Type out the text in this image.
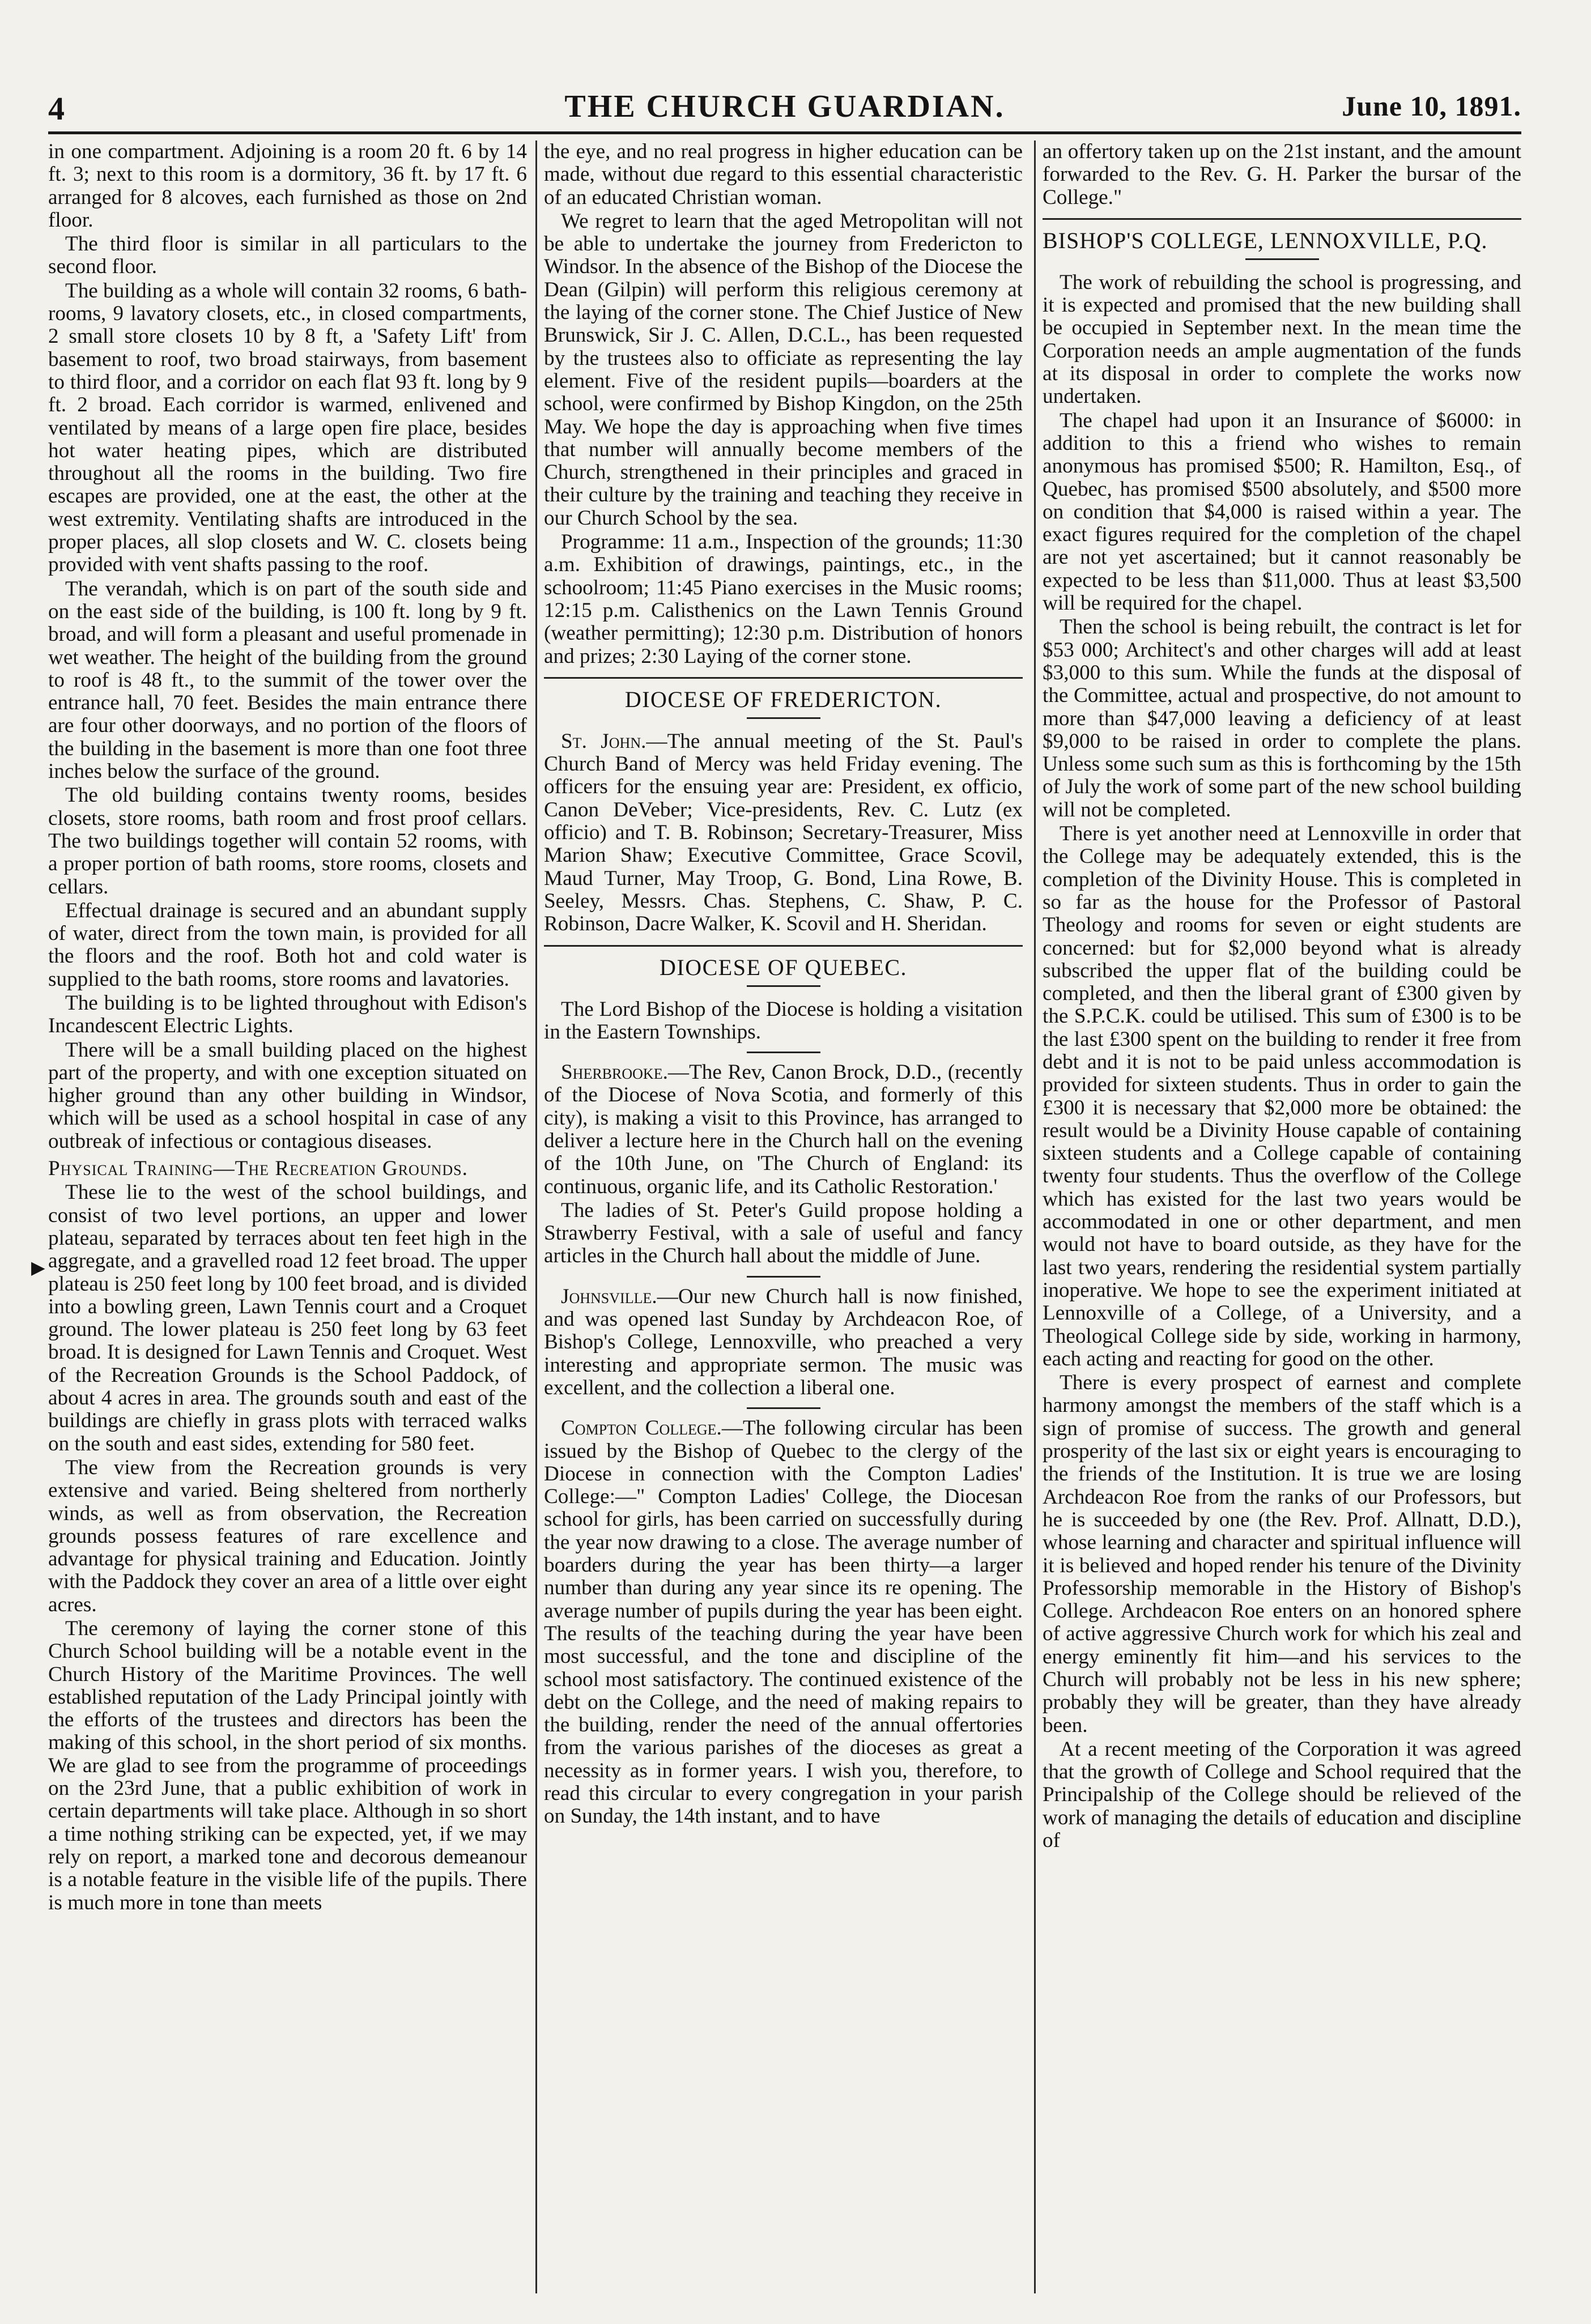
4	THE CHURCH GUARDIAN.	June 10, 1891.
▶

in one compartment. Adjoining is a room 20 ft. 6 by 14 ft. 3; next to this room is a dormitory, 36 ft. by 17 ft. 6 arranged for 8 alcoves, each furnished as those on 2nd floor.

The third floor is similar in all particulars to the second floor.

The building as a whole will contain 32 rooms, 6 bath-rooms, 9 lavatory closets, etc., in closed compartments, 2 small store closets 10 by 8 ft, a 'Safety Lift' from basement to roof, two broad stairways, from basement to third floor, and a corridor on each flat 93 ft. long by 9 ft. 2 broad. Each corridor is warmed, enlivened and ventilated by means of a large open fire place, besides hot water heating pipes, which are distributed throughout all the rooms in the building. Two fire escapes are provided, one at the east, the other at the west extremity. Ventilating shafts are introduced in the proper places, all slop closets and W. C. closets being provided with vent shafts passing to the roof.

The verandah, which is on part of the south side and on the east side of the building, is 100 ft. long by 9 ft. broad, and will form a pleasant and useful promenade in wet weather. The height of the building from the ground to roof is 48 ft., to the summit of the tower over the entrance hall, 70 feet. Besides the main entrance there are four other doorways, and no portion of the floors of the building in the basement is more than one foot three inches below the surface of the ground.

The old building contains twenty rooms, besides closets, store rooms, bath room and frost proof cellars. The two buildings together will contain 52 rooms, with a proper portion of bath rooms, store rooms, closets and cellars.

Effectual drainage is secured and an abundant supply of water, direct from the town main, is provided for all the floors and the roof. Both hot and cold water is supplied to the bath rooms, store rooms and lavatories.

The building is to be lighted throughout with Edison's Incandescent Electric Lights.

There will be a small building placed on the highest part of the property, and with one exception situated on higher ground than any other building in Windsor, which will be used as a school hospital in case of any outbreak of infectious or contagious diseases.

Physical Training—The Recreation Grounds.

These lie to the west of the school buildings, and consist of two level portions, an upper and lower plateau, separated by terraces about ten feet high in the aggregate, and a gravelled road 12 feet broad. The upper plateau is 250 feet long by 100 feet broad, and is divided into a bowling green, Lawn Tennis court and a Croquet ground. The lower plateau is 250 feet long by 63 feet broad. It is designed for Lawn Tennis and Croquet. West of the Recreation Grounds is the School Paddock, of about 4 acres in area. The grounds south and east of the buildings are chiefly in grass plots with terraced walks on the south and east sides, extending for 580 feet.

The view from the Recreation grounds is very extensive and varied. Being sheltered from northerly winds, as well as from observation, the Recreation grounds possess features of rare excellence and advantage for physical training and Education. Jointly with the Paddock they cover an area of a little over eight acres.

The ceremony of laying the corner stone of this Church School building will be a notable event in the Church History of the Maritime Provinces. The well established reputation of the Lady Principal jointly with the efforts of the trustees and directors has been the making of this school, in the short period of six months. We are glad to see from the programme of proceedings on the 23rd June, that a public exhibition of work in certain departments will take place. Although in so short a time nothing striking can be expected, yet, if we may rely on report, a marked tone and decorous demeanour is a notable feature in the visible life of the pupils. There is much more in tone than meets

the eye, and no real progress in higher education can be made, without due regard to this essential characteristic of an educated Christian woman.

We regret to learn that the aged Metropolitan will not be able to undertake the journey from Fredericton to Windsor. In the absence of the Bishop of the Diocese the Dean (Gilpin) will perform this religious ceremony at the laying of the corner stone. The Chief Justice of New Brunswick, Sir J. C. Allen, D.C.L., has been requested by the trustees also to officiate as representing the lay element. Five of the resident pupils—boarders at the school, were confirmed by Bishop Kingdon, on the 25th May. We hope the day is approaching when five times that number will annually become members of the Church, strengthened in their principles and graced in their culture by the training and teaching they receive in our Church School by the sea.

Programme: 11 a.m., Inspection of the grounds; 11:30 a.m. Exhibition of drawings, paintings, etc., in the schoolroom; 11:45 Piano exercises in the Music rooms; 12:15 p.m. Calisthenics on the Lawn Tennis Ground (weather permitting); 12:30 p.m. Distribution of honors and prizes; 2:30 Laying of the corner stone.

DIOCESE OF FREDERICTON.

St. John.—The annual meeting of the St. Paul's Church Band of Mercy was held Friday evening. The officers for the ensuing year are: President, ex officio, Canon DeVeber; Vice-presidents, Rev. C. Lutz (ex officio) and T. B. Robinson; Secretary-Treasurer, Miss Marion Shaw; Executive Committee, Grace Scovil, Maud Turner, May Troop, G. Bond, Lina Rowe, B. Seeley, Messrs. Chas. Stephens, C. Shaw, P. C. Robinson, Dacre Walker, K. Scovil and H. Sheridan.

DIOCESE OF QUEBEC.

The Lord Bishop of the Diocese is holding a visitation in the Eastern Townships.

Sherbrooke.—The Rev, Canon Brock, D.D., (recently of the Diocese of Nova Scotia, and formerly of this city), is making a visit to this Province, has arranged to deliver a lecture here in the Church hall on the evening of the 10th June, on 'The Church of England: its continuous, organic life, and its Catholic Restoration.'

The ladies of St. Peter's Guild propose holding a Strawberry Festival, with a sale of useful and fancy articles in the Church hall about the middle of June.

Johnsville.—Our new Church hall is now finished, and was opened last Sunday by Archdeacon Roe, of Bishop's College, Lennoxville, who preached a very interesting and appropriate sermon. The music was excellent, and the collection a liberal one.

Compton College.—The following circular has been issued by the Bishop of Quebec to the clergy of the Diocese in connection with the Compton Ladies' College:—" Compton Ladies' College, the Diocesan school for girls, has been carried on successfully during the year now drawing to a close. The average number of boarders during the year has been thirty—a larger number than during any year since its re opening. The average number of pupils during the year has been eight. The results of the teaching during the year have been most successful, and the tone and discipline of the school most satisfactory. The continued existence of the debt on the College, and the need of making repairs to the building, render the need of the annual offertories from the various parishes of the dioceses as great a necessity as in former years. I wish you, therefore, to read this circular to every congregation in your parish on Sunday, the 14th instant, and to have

an offertory taken up on the 21st instant, and the amount forwarded to the Rev. G. H. Parker the bursar of the College."

BISHOP'S COLLEGE, LENNOXVILLE, P.Q.

The work of rebuilding the school is progressing, and it is expected and promised that the new building shall be occupied in September next. In the mean time the Corporation needs an ample augmentation of the funds at its disposal in order to complete the works now undertaken.

The chapel had upon it an Insurance of $6000: in addition to this a friend who wishes to remain anonymous has promised $500; R. Hamilton, Esq., of Quebec, has promised $500 absolutely, and $500 more on condition that $4,000 is raised within a year. The exact figures required for the completion of the chapel are not yet ascertained; but it cannot reasonably be expected to be less than $11,000. Thus at least $3,500 will be required for the chapel.

Then the school is being rebuilt, the contract is let for $53 000; Architect's and other charges will add at least $3,000 to this sum. While the funds at the disposal of the Committee, actual and prospective, do not amount to more than $47,000 leaving a deficiency of at least $9,000 to be raised in order to complete the plans. Unless some such sum as this is forthcoming by the 15th of July the work of some part of the new school building will not be completed.

There is yet another need at Lennoxville in order that the College may be adequately extended, this is the completion of the Divinity House. This is completed in so far as the house for the Professor of Pastoral Theology and rooms for seven or eight students are concerned: but for $2,000 beyond what is already subscribed the upper flat of the building could be completed, and then the liberal grant of £300 given by the S.P.C.K. could be utilised. This sum of £300 is to be the last £300 spent on the building to render it free from debt and it is not to be paid unless accommodation is provided for sixteen students. Thus in order to gain the £300 it is necessary that $2,000 more be obtained: the result would be a Divinity House capable of containing sixteen students and a College capable of containing twenty four students. Thus the overflow of the College which has existed for the last two years would be accommodated in one or other department, and men would not have to board outside, as they have for the last two years, rendering the residential system partially inoperative. We hope to see the experiment initiated at Lennoxville of a College, of a University, and a Theological College side by side, working in harmony, each acting and reacting for good on the other.

There is every prospect of earnest and complete harmony amongst the members of the staff which is a sign of promise of success. The growth and general prosperity of the last six or eight years is encouraging to the friends of the Institution. It is true we are losing Archdeacon Roe from the ranks of our Professors, but he is succeeded by one (the Rev. Prof. Allnatt, D.D.), whose learning and character and spiritual influence will it is believed and hoped render his tenure of the Divinity Professorship memorable in the History of Bishop's College. Archdeacon Roe enters on an honored sphere of active aggressive Church work for which his zeal and energy eminently fit him—and his services to the Church will probably not be less in his new sphere; probably they will be greater, than they have already been.

At a recent meeting of the Corporation it was agreed that the growth of College and School required that the Principalship of the College should be relieved of the work of managing the details of education and discipline of
